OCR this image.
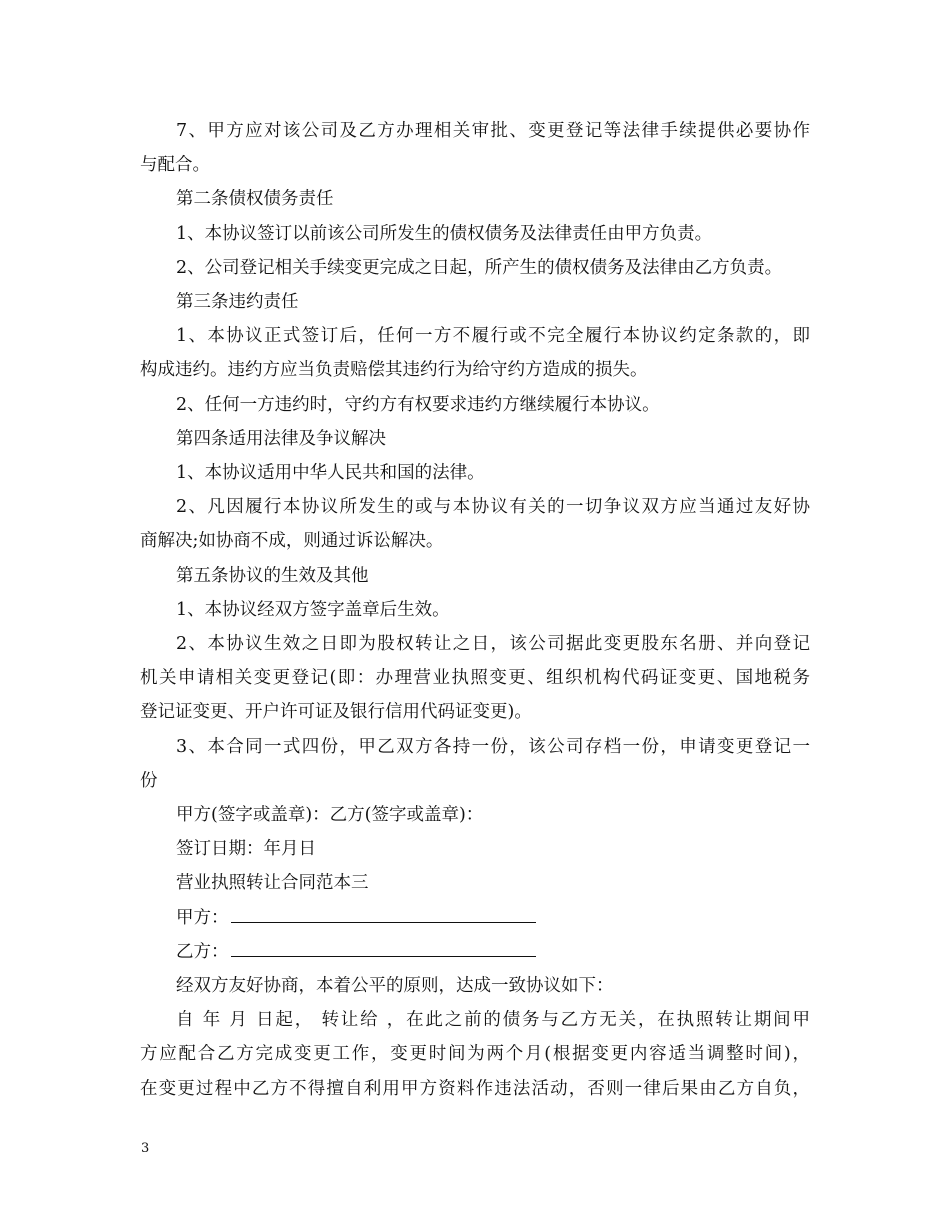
7、甲方应对该公司及乙方办理相关审批、变更登记等法律手续提供必要协作
与配合。
第二条债权债务责任
1、本协议签订以前该公司所发生的债权债务及法律责任由甲方负责。
2、公司登记相关手续变更完成之日起，所产生的债权债务及法律由乙方负责。
第三条违约责任
1、本协议正式签订后，任何一方不履行或不完全履行本协议约定条款的，即
构成违约。违约方应当负责赔偿其违约行为给守约方造成的损失。
2、任何一方违约时，守约方有权要求违约方继续履行本协议。
第四条适用法律及争议解决
1、本协议适用中华人民共和国的法律。
2、凡因履行本协议所发生的或与本协议有关的一切争议双方应当通过友好协
商解决;如协商不成，则通过诉讼解决。
第五条协议的生效及其他
1、本协议经双方签字盖章后生效。
2、本协议生效之日即为股权转让之日，该公司据此变更股东名册、并向登记
机关申请相关变更登记(即：办理营业执照变更、组织机构代码证变更、国地税务
登记证变更、开户许可证及银行信用代码证变更)。
3、本合同一式四份，甲乙双方各持一份，该公司存档一份，申请变更登记一
份
甲方(签字或盖章)：乙方(签字或盖章)：
签订日期：年月日
营业执照转让合同范本三
甲方：
乙方：
经双方友好协商，本着公平的原则，达成一致协议如下：
自 年 月 日起， 转让给 ，在此之前的债务与乙方无关，在执照转让期间甲
方应配合乙方完成变更工作，变更时间为两个月(根据变更内容适当调整时间)，
在变更过程中乙方不得擅自利用甲方资料作违法活动，否则一律后果由乙方自负，
3
